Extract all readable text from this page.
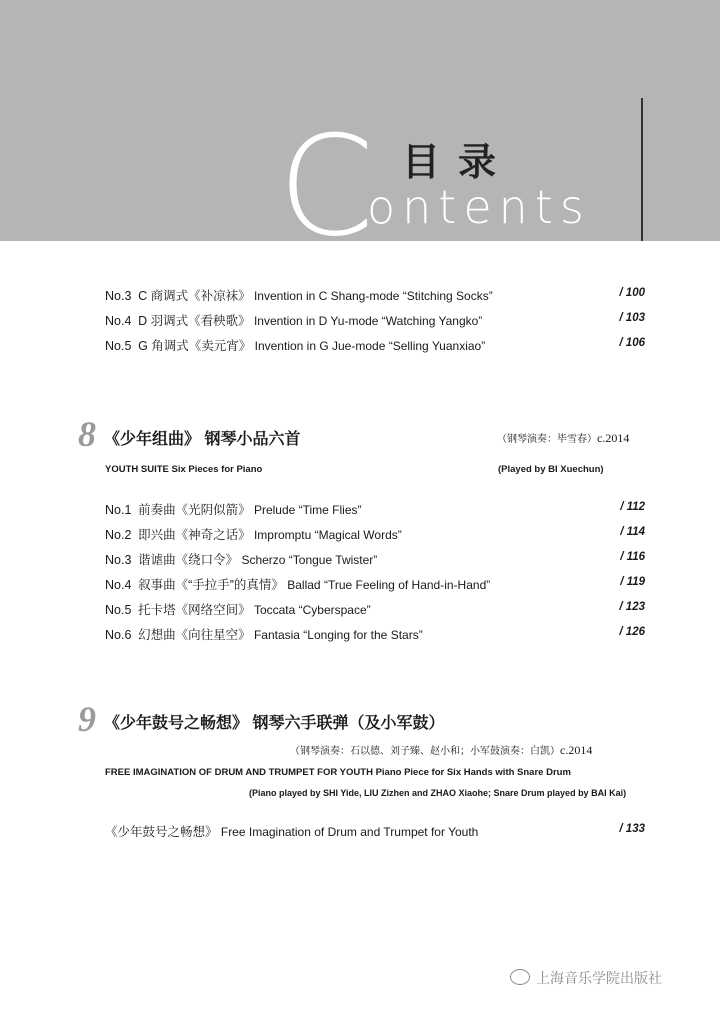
C 目录
ontents
No.3 C 商调式《补凉袜》 Invention in C Shang-mode “Stitching Socks”	/ 100
No.4 D 羽调式《看秧歌》 Invention in D Yu-mode “Watching Yangko”	/ 103
No.5 G 角调式《卖元宵》 Invention in G Jue-mode “Selling Yuanxiao”	/ 106
8 《少年组曲》 钢琴小品六首	（钢琴演奏：毕雪春）c.2014
YOUTH SUITE Six Pieces for Piano	(Played by BI Xuechun)
No.1 前奏曲《光阴似箭》 Prelude “Time Flies”	/ 112
No.2 即兴曲《神奇之话》 Impromptu “Magical Words”	/ 114
No.3 谐谑曲《绕口令》 Scherzo “Tongue Twister”	/ 116
No.4 叙事曲《“手拉手”的真情》 Ballad “True Feeling of Hand-in-Hand”	/ 119
No.5 托卡塔《网络空间》 Toccata “Cyberspace”	/ 123
No.6 幻想曲《向往星空》 Fantasia “Longing for the Stars”	/ 126
9 《少年鼓号之畅想》 钢琴六手联弹（及小军鼓）
（钢琴演奏：石以德、刘子臻、赵小和；小军鼓演奏：白凯）c.2014
FREE IMAGINATION OF DRUM AND TRUMPET FOR YOUTH Piano Piece for Six Hands with Snare Drum
(Piano played by SHI Yide, LIU Zizhen and ZHAO Xiaohe; Snare Drum played by BAI Kai)
《少年鼓号之畅想》 Free Imagination of Drum and Trumpet for Youth	/ 133
上海音乐学院出版社
